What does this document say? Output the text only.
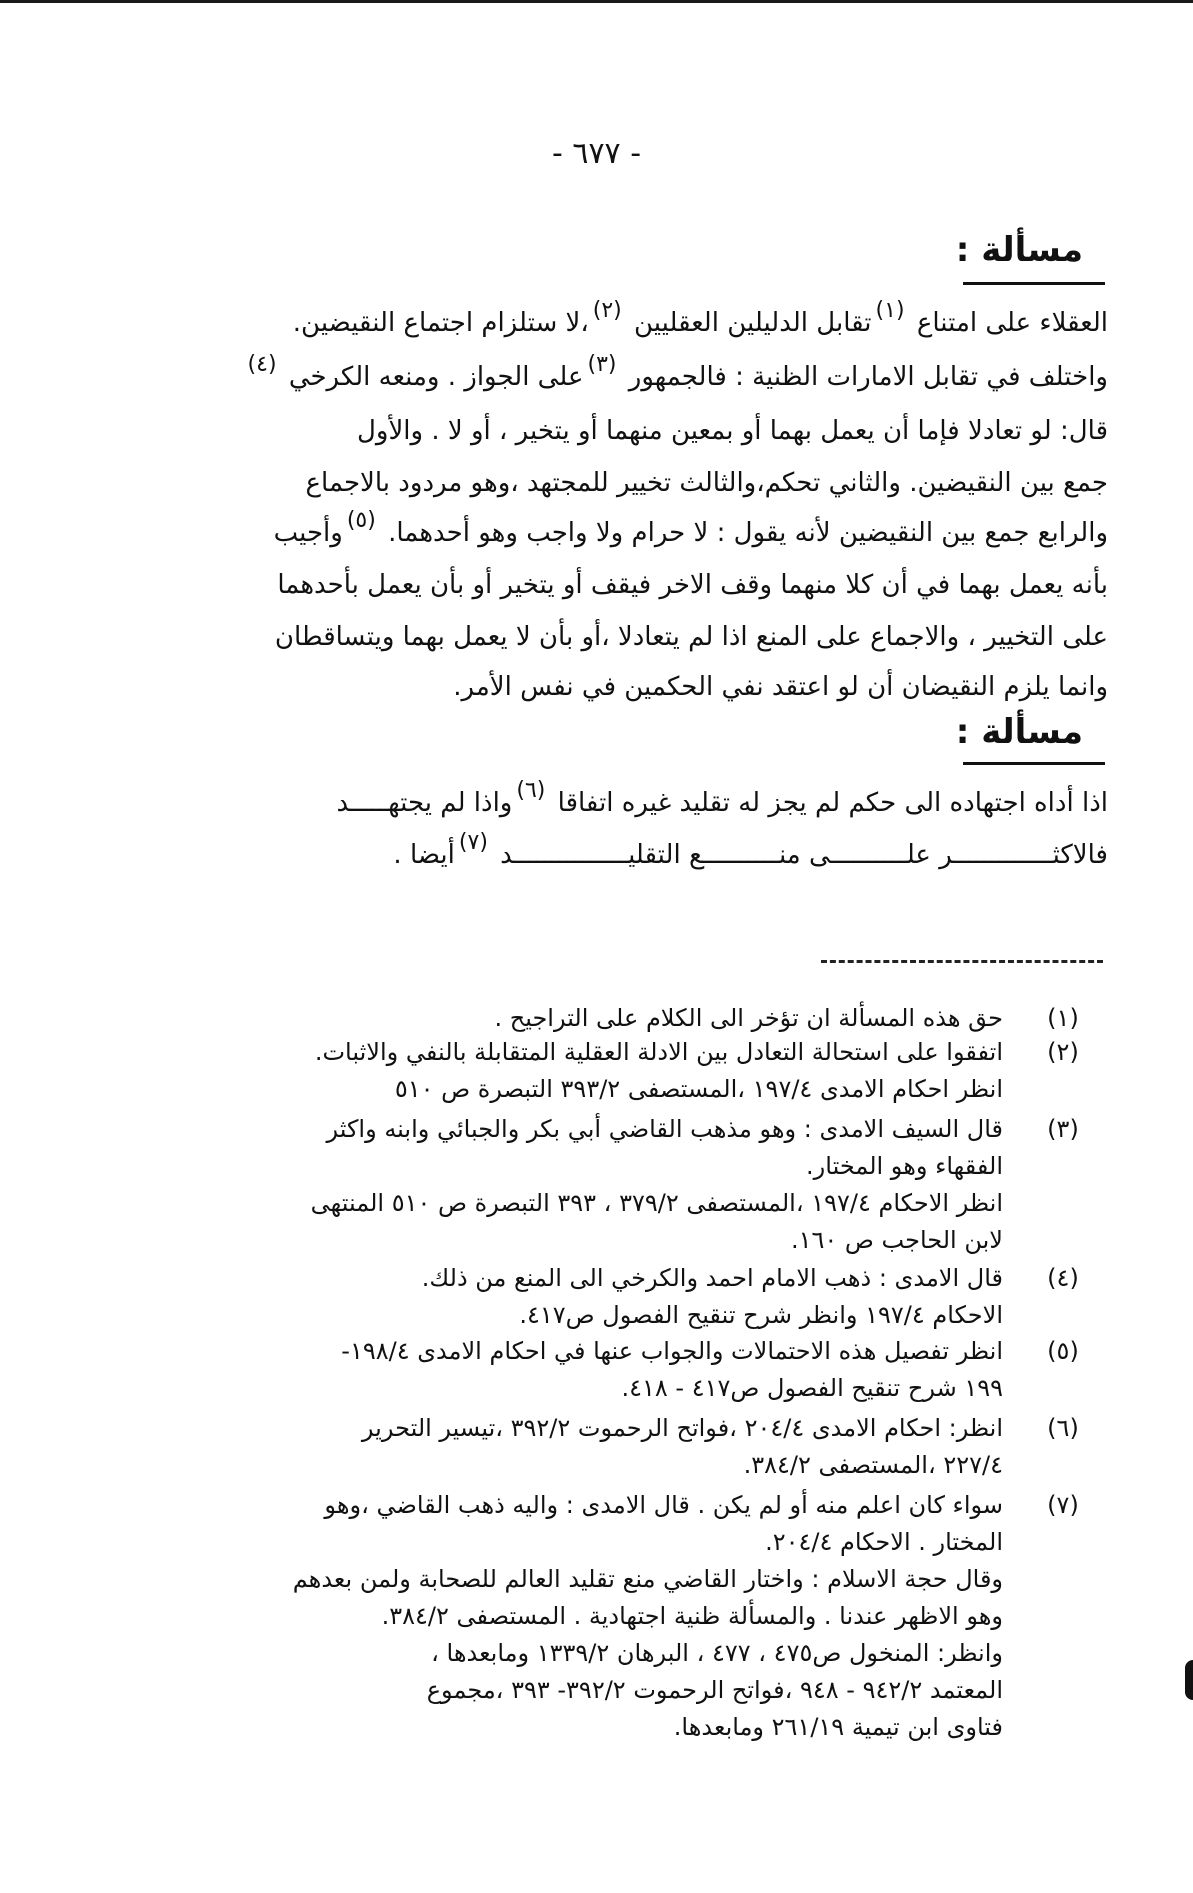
- ٦٧٧ -
مسألة :
العقلاء على امتناع $^{(١)}$تقابل الدليلين العقليين $^{(٢)}$،لا ستلزام اجتماع النقيضين.
واختلف في تقابل الامارات الظنية : فالجمهور $^{(٣)}$على الجواز . ومنعه الكرخي $^{(٤)}$
قال: لو تعادلا فإما أن يعمل بهما أو بمعين منهما أو يتخير ، أو لا . والأول
جمع بين النقيضين. والثاني تحكم،والثالث تخيير للمجتهد ،وهو مردود بالاجماع
والرابع جمع بين النقيضين لأنه يقول : لا حرام ولا واجب وهو أحدهما. $^{(٥)}$وأجيب
بأنه يعمل بهما في أن كلا منهما وقف الاخر فيقف أو يتخير أو بأن يعمل بأحدهما
على التخيير ، والاجماع على المنع اذا لم يتعادلا ،أو بأن لا يعمل بهما ويتساقطان
وانما يلزم النقيضان أن لو اعتقد نفي الحكمين في نفس الأمر.
مسألة :
اذا أداه اجتهاده الى حكم لم يجز له تقليد غيره اتفاقا $^{(٦)}$واذا لم يجتهـــــد
فالاكثـــــــــــــر علــــــــــى منــــــــــع التقليـــــــــــــــد $^{(٧)}$أيضا .
(١)
حق هذه المسألة ان تؤخر الى الكلام على التراجيح .
(٢)
اتفقوا على استحالة التعادل بين الادلة العقلية المتقابلة بالنفي والاثبات.
انظر احكام الامدى ١٩٧/٤ ،المستصفى ٣٩٣/٢ التبصرة ص ٥١٠
(٣)
قال السيف الامدى : وهو مذهب القاضي أبي بكر والجبائي وابنه واكثر
الفقهاء وهو المختار.
انظر الاحكام ١٩٧/٤ ،المستصفى ٣٧٩/٢ ، ٣٩٣ التبصرة ص ٥١٠ المنتهى
لابن الحاجب ص ١٦٠.
(٤)
قال الامدى : ذهب الامام احمد والكرخي الى المنع من ذلك.
الاحكام ١٩٧/٤ وانظر شرح تنقيح الفصول ص٤١٧.
(٥)
انظر تفصيل هذه الاحتمالات والجواب عنها في احكام الامدى ١٩٨/٤-
١٩٩ شرح تنقيح الفصول ص٤١٧ - ٤١٨.
(٦)
انظر: احكام الامدى ٢٠٤/٤ ،فواتح الرحموت ٣٩٢/٢ ،تيسير التحرير
٢٢٧/٤ ،المستصفى ٣٨٤/٢.
(٧)
سواء كان اعلم منه أو لم يكن . قال الامدى : واليه ذهب القاضي ،وهو
المختار . الاحكام ٢٠٤/٤.
وقال حجة الاسلام : واختار القاضي منع تقليد العالم للصحابة ولمن بعدهم
وهو الاظهر عندنا . والمسألة ظنية اجتهادية . المستصفى ٣٨٤/٢.
وانظر: المنخول ص٤٧٥ ، ٤٧٧ ، البرهان ١٣٣٩/٢ ومابعدها ،
المعتمد ٩٤٢/٢ - ٩٤٨ ،فواتح الرحموت ٣٩٢/٢- ٣٩٣ ،مجموع
فتاوى ابن تيمية ٢٦١/١٩ ومابعدها.
